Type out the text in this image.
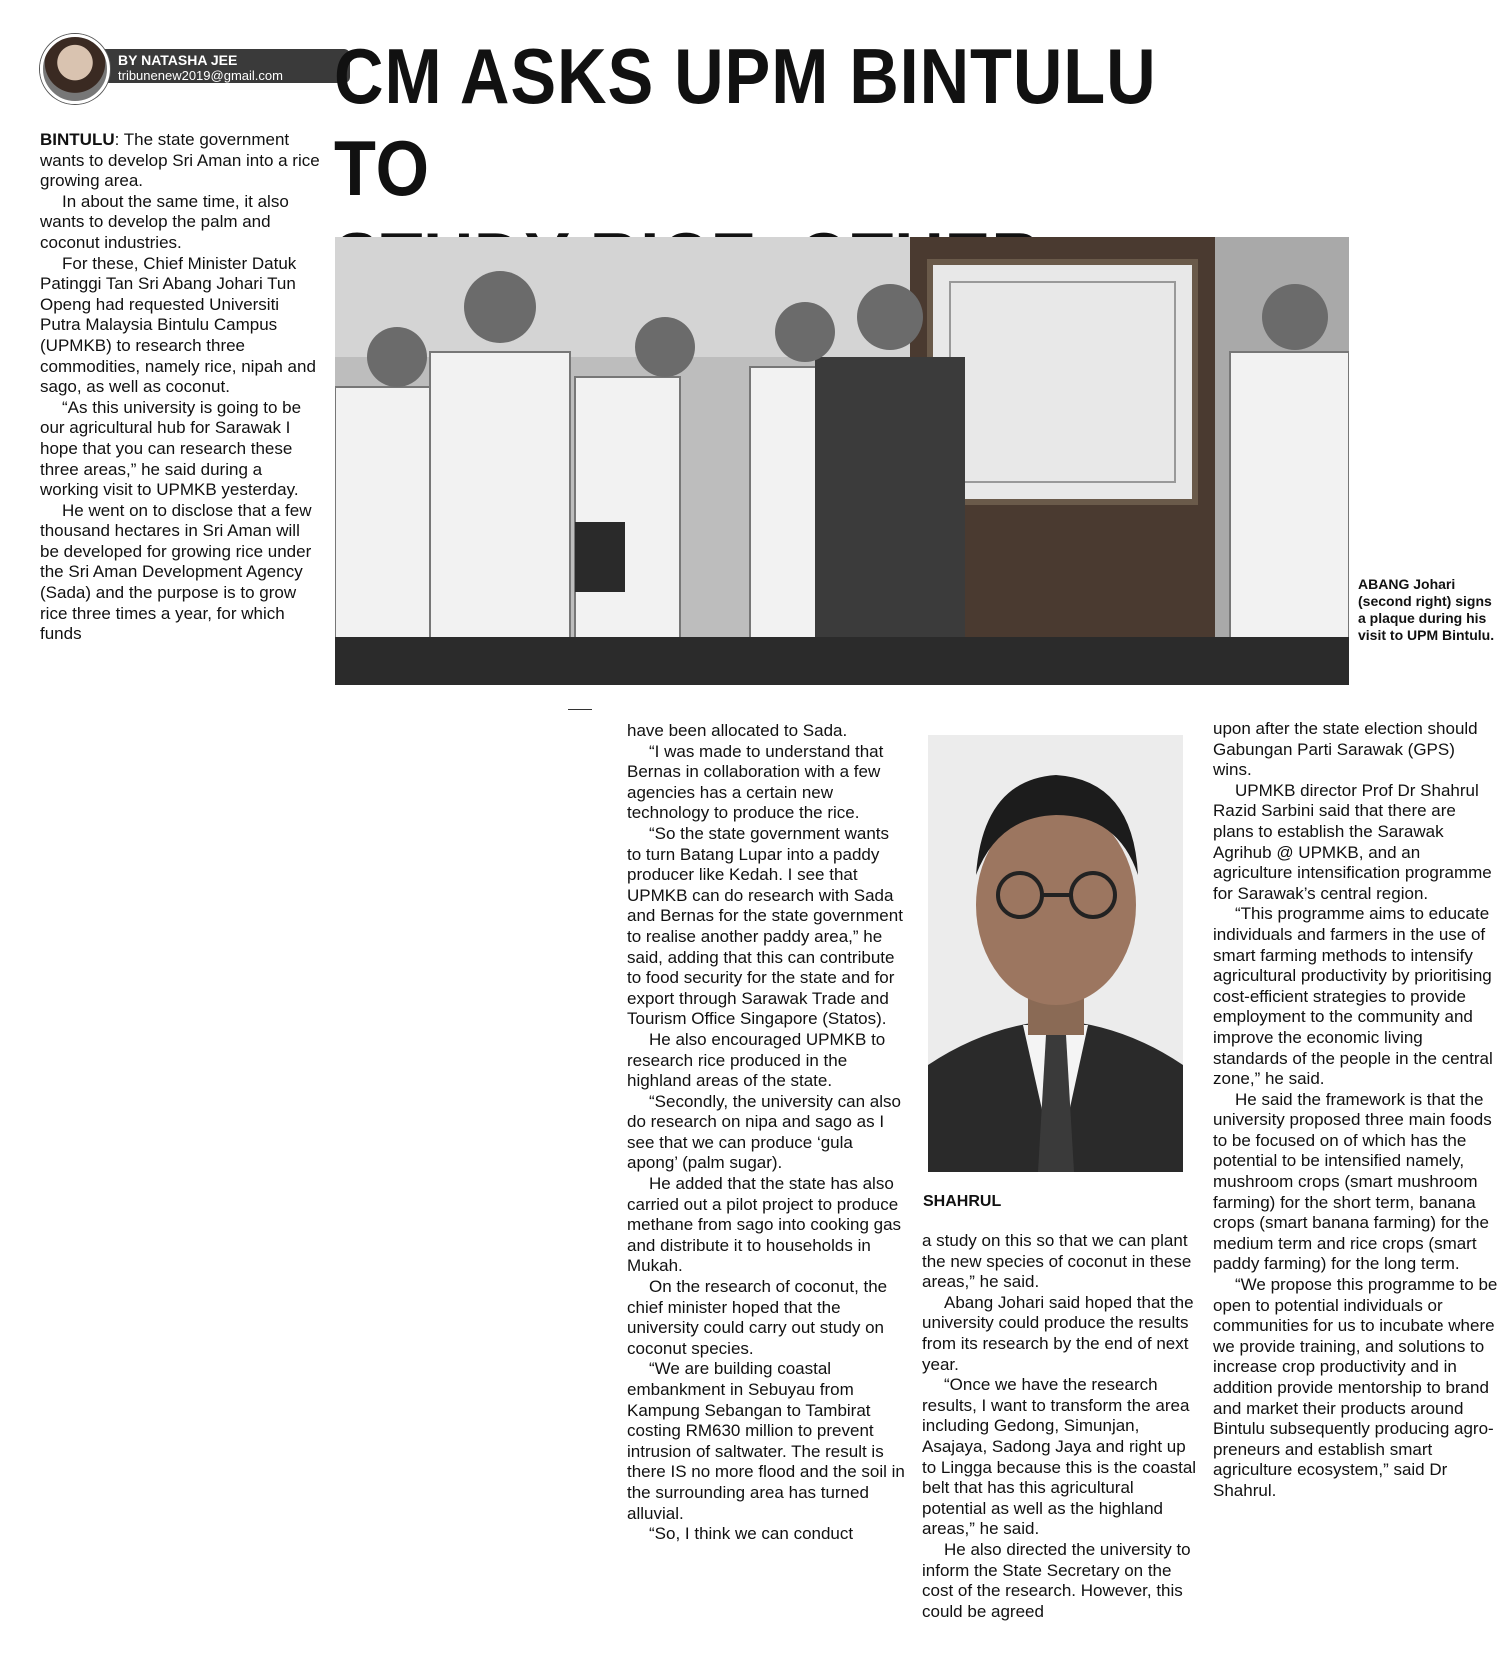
BY NATASHA JEE
tribunenew2019@gmail.com CM ASKS UPM BINTULU TO

ABANG Johari (second right) signs a plaque during his visit to UPM Bintulu.

BINTULU: The state government wants to develop Sri Aman into a rice growing area.

In about the same time, it also wants to develop the palm and coconut industries.

For these, Chief Minister Datuk Patinggi Tan Sri Abang Johari Tun Openg had requested Universiti Putra Malaysia Bintulu Campus (UPMKB) to research three commodities, namely rice, nipah and sago, as well as coconut.

“As this university is going to be our agricultural hub for Sarawak I hope that you can research these three areas,” he said during a working visit to UPMKB yesterday.

He went on to disclose that a few thousand hectares in Sri Aman will be developed for growing rice under the Sri Aman Development Agency (Sada) and the purpose is to grow rice three times a year, for which funds

have been allocated to Sada.

“I was made to understand that Bernas in collaboration with a few agencies has a certain new technology to produce the rice.

“So the state government wants to turn Batang Lupar into a paddy producer like Kedah. I see that UPMKB can do research with Sada and Bernas for the state government to realise another paddy area,” he said, adding that this can contribute to food security for the state and for export through Sarawak Trade and Tourism Office Singapore (Statos).

He also encouraged UPMKB to research rice produced in the highland areas of the state.

“Secondly, the university can also do research on nipa and sago as I see that we can produce ‘gula apong’ (palm sugar).

He added that the state has also carried out a pilot project to produce methane from sago into cooking gas and distribute it to households in Mukah.

On the research of coconut, the chief minister hoped that the university could carry out study on coconut species.

“We are building coastal embankment in Sebuyau from Kampung Sebangan to Tambirat costing RM630 million to prevent intrusion of saltwater. The result is there IS no more flood and the soil in the surrounding area has turned alluvial.

“So, I think we can conduct

SHAHRUL

a study on this so that we can plant the new species of coconut in these areas,” he said.

Abang Johari said hoped that the university could produce the results from its research by the end of next year.

“Once we have the research results, I want to transform the area including Gedong, Simunjan, Asajaya, Sadong Jaya and right up to Lingga because this is the coastal belt that has this agricultural potential as well as the highland areas,” he said.

He also directed the university to inform the State Secretary on the cost of the research. However, this could be agreed

upon after the state election should Gabungan Parti Sarawak (GPS) wins.

UPMKB director Prof Dr Shahrul Razid Sarbini said that there are plans to establish the Sarawak Agrihub @ UPMKB, and an agriculture intensification programme for Sarawak’s central region.

“This programme aims to educate individuals and farmers in the use of smart farming methods to intensify agricultural productivity by prioritising cost-efficient strategies to provide employment to the community and improve the economic living standards of the people in the central zone,” he said.

He said the framework is that the university proposed three main foods to be focused on of which has the potential to be intensified namely, mushroom crops (smart mushroom farming) for the short term, banana crops (smart banana farming) for the medium term and rice crops (smart paddy farming) for the long term.

“We propose this programme to be open to potential individuals or communities for us to incubate where we provide training, and solutions to increase crop productivity and in addition provide mentorship to brand and market their products around Bintulu subsequently producing agro-preneurs and establish smart agriculture ecosystem,” said Dr Shahrul.
